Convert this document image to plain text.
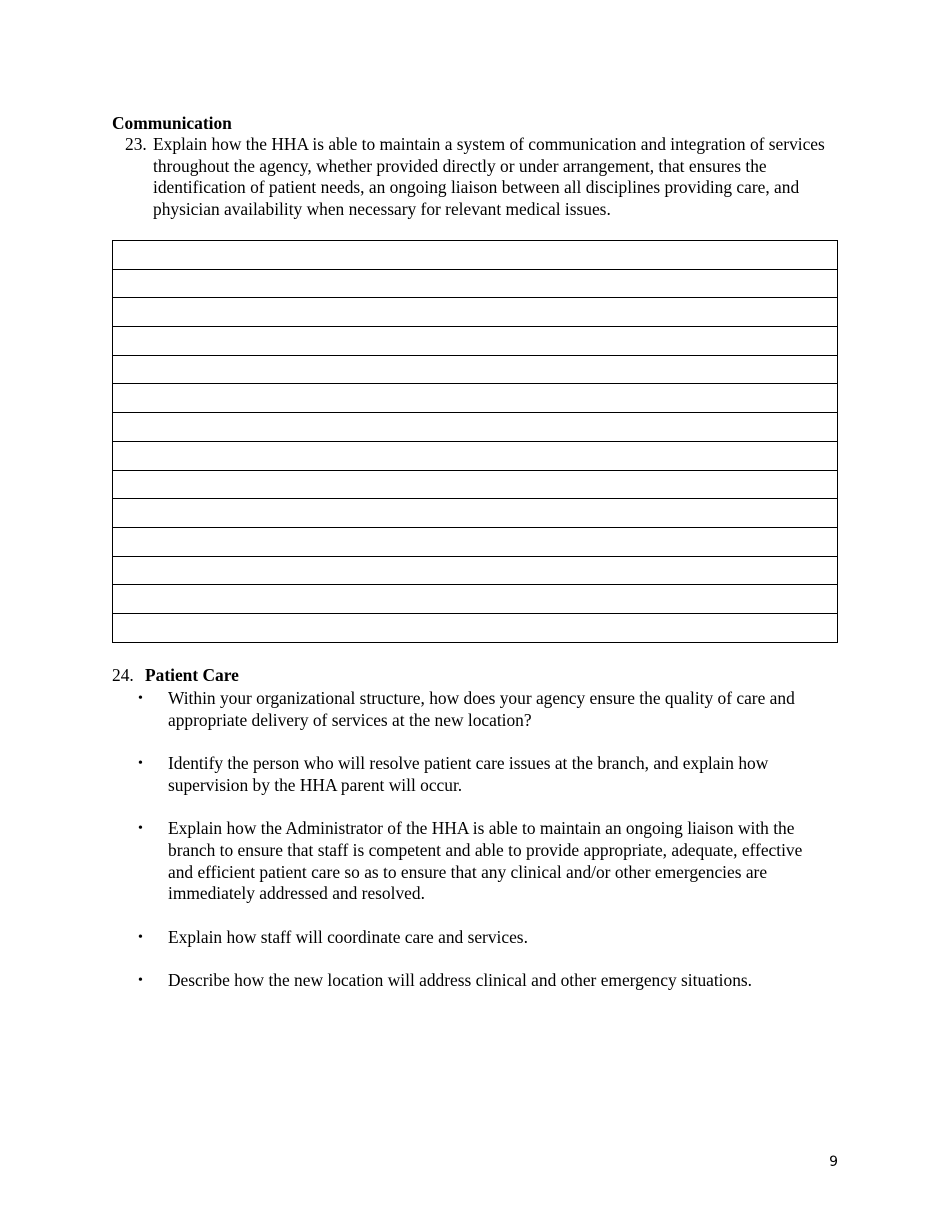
Communication
23. Explain how the HHA is able to maintain a system of communication and integration of services throughout the agency, whether provided directly or under arrangement, that ensures the identification of patient needs, an ongoing liaison between all disciplines providing care, and physician availability when necessary for relevant medical issues.

24. Patient Care
• Within your organizational structure, how does your agency ensure the quality of care and appropriate delivery of services at the new location?
• Identify the person who will resolve patient care issues at the branch, and explain how supervision by the HHA parent will occur.
• Explain how the Administrator of the HHA is able to maintain an ongoing liaison with the branch to ensure that staff is competent and able to provide appropriate, adequate, effective and efficient patient care so as to ensure that any clinical and/or other emergencies are immediately addressed and resolved.
• Explain how staff will coordinate care and services.
• Describe how the new location will address clinical and other emergency situations.
9
